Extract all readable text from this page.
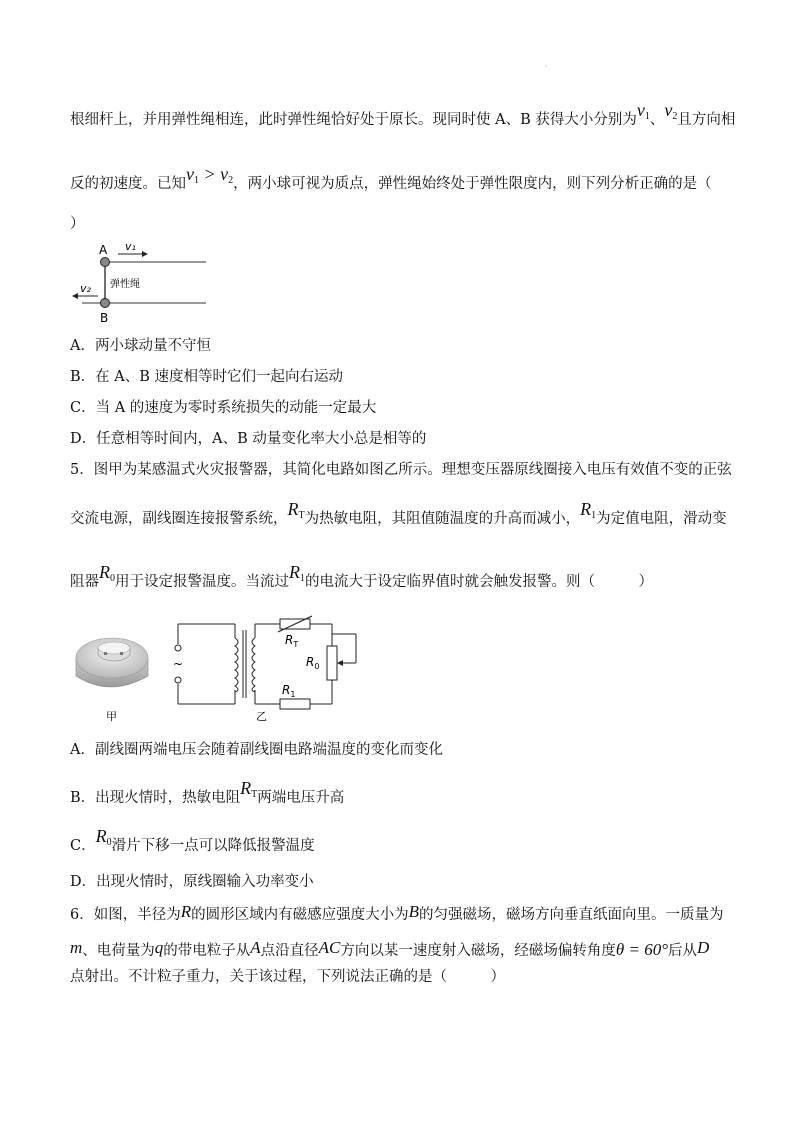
·
根细杆上，并用弹性绳相连，此时弹性绳恰好处于原长。现同时使 A、B 获得大小分别为$v_1$、$v_2$且方向相
反的初速度。已知$v_1 > v_2$，两小球可视为质点，弹性绳始终处于弹性限度内，则下列分析正确的是（
）
A
B
v₁
v₂ 弹性绳
A．两小球动量不守恒
B．在 A、B 速度相等时它们一起向右运动
C．当 A 的速度为零时系统损失的动能一定最大
D．任意相等时间内，A、B 动量变化率大小总是相等的
5．图甲为某感温式火灾报警器，其简化电路如图乙所示。理想变压器原线圈接入电压有效值不变的正弦
交流电源，副线圈连接报警系统，$R_T$为热敏电阻，其阻值随温度的升高而减小，$R_1$为定值电阻，滑动变
阻器$R_0$用于设定报警温度。当流过$R_1$的电流大于设定临界值时就会触发报警。则（　　　）
甲
~
$R_T$
$R_0$
$R_1$
乙
A．副线圈两端电压会随着副线圈电路端温度的变化而变化
B．出现火情时，热敏电阻$R_T$两端电压升高
C．$R_0$滑片下移一点可以降低报警温度
D．出现火情时，原线圈输入功率变小
6．如图，半径为R的圆形区域内有磁感应强度大小为B的匀强磁场，磁场方向垂直纸面向里。一质量为
m、电荷量为q的带电粒子从A点沿直径AC方向以某一速度射入磁场，经磁场偏转角度θ = 60°后从D
点射出。不计粒子重力，关于该过程，下列说法正确的是（　　　）
